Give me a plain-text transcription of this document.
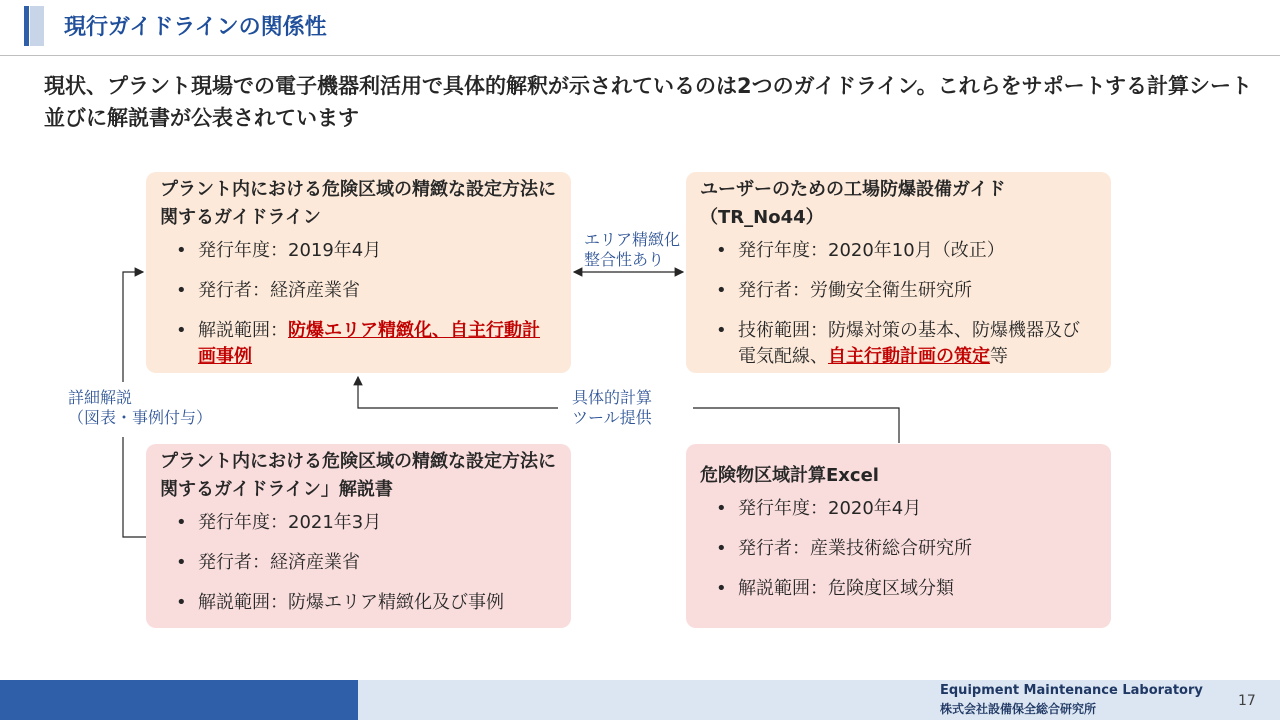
現行ガイドラインの関係性
現状、プラント現場での電子機器利活用で具体的解釈が示されているのは2つのガイドライン。これらをサポートする計算シート並びに解説書が公表されています
プラント内における危険区域の精緻な設定方法に関するガイドライン
• 発行年度：2019年4月
• 発行者：経済産業省
• 解説範囲：防爆エリア精緻化、自主行動計画事例
ユーザーのための工場防爆設備ガイド
（TR_No44）
• 発行年度：2020年10月（改正）
• 発行者：労働安全衛生研究所
• 技術範囲：防爆対策の基本、防爆機器及び電気配線、自主行動計画の策定等
プラント内における危険区域の精緻な設定方法に関するガイドライン」解説書
• 発行年度：2021年3月
• 発行者：経済産業省
• 解説範囲：防爆エリア精緻化及び事例
危険物区域計算Excel
• 発行年度：2020年4月
• 発行者：産業技術総合研究所
• 解説範囲：危険度区域分類
エリア精緻化
整合性あり
具体的計算
ツール提供
詳細解説
（図表・事例付与）
Equipment Maintenance Laboratory
株式会社設備保全総合研究所	17
